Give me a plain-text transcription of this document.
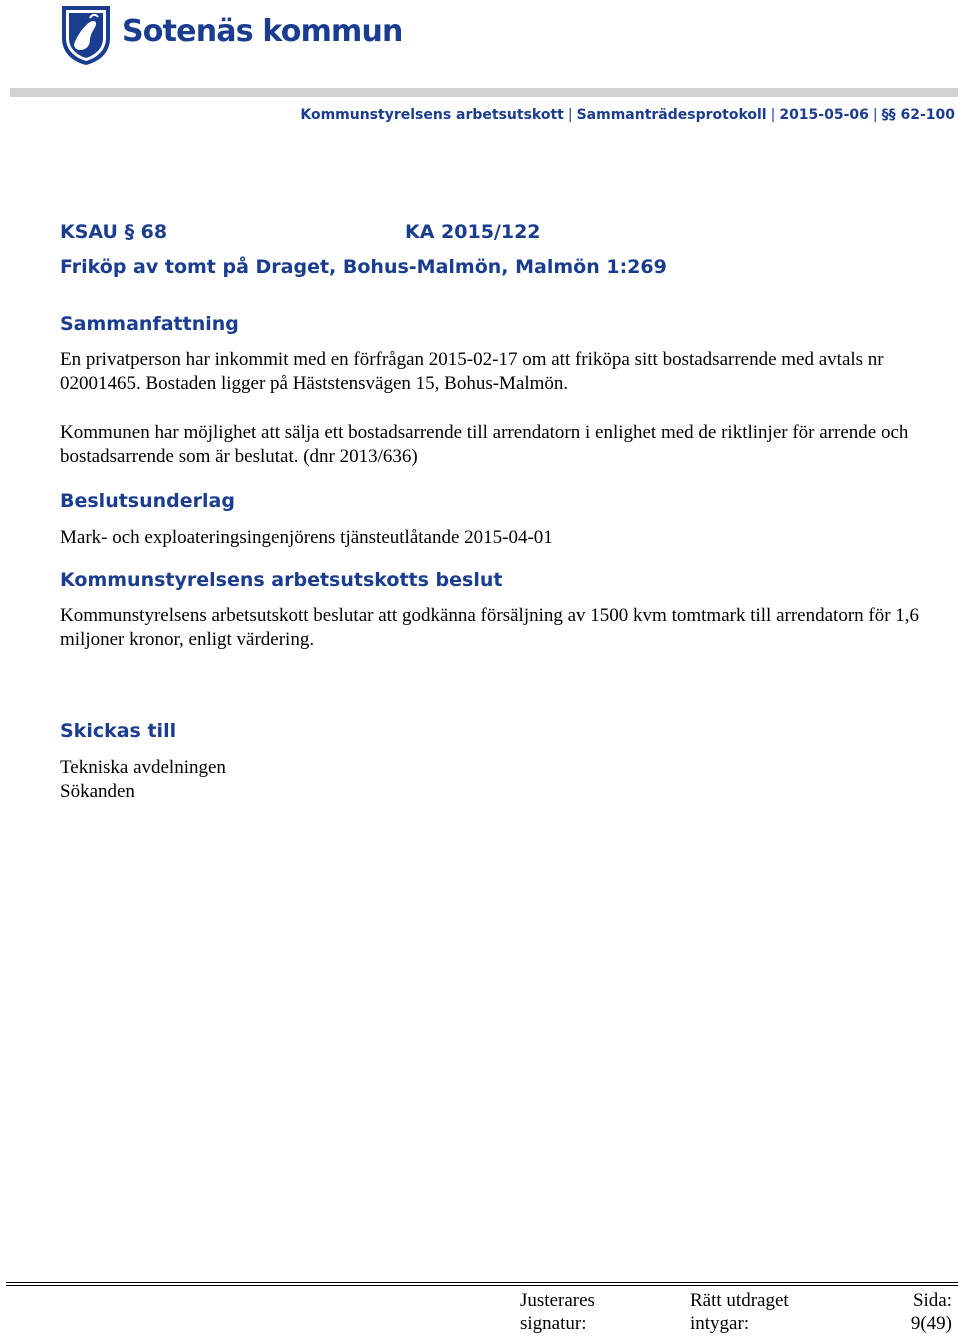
Sotenäs kommun
Kommunstyrelsens arbetsutskott | Sammanträdesprotokoll | 2015-05-06 | §§ 62-100
KSAU § 68	KA 2015/122
Friköp av tomt på Draget, Bohus-Malmön, Malmön 1:269
Sammanfattning
En privatperson har inkommit med en förfrågan 2015-02-17 om att friköpa sitt bostadsarrende med avtals nr 02001465. Bostaden ligger på Häststensvägen 15, Bohus-Malmön.
Kommunen har möjlighet att sälja ett bostadsarrende till arrendatorn i enlighet med de riktlinjer för arrende och bostadsarrende som är beslutat. (dnr 2013/636)
Beslutsunderlag
Mark- och exploateringsingenjörens tjänsteutlåtande 2015-04-01
Kommunstyrelsens arbetsutskotts beslut
Kommunstyrelsens arbetsutskott beslutar att godkänna försäljning av 1500 kvm tomtmark till arrendatorn för 1,6 miljoner kronor, enligt värdering.
Skickas till
Tekniska avdelningen
Sökanden
Justerares
signatur:
Rätt utdraget
intygar:
Sida:
9(49)
